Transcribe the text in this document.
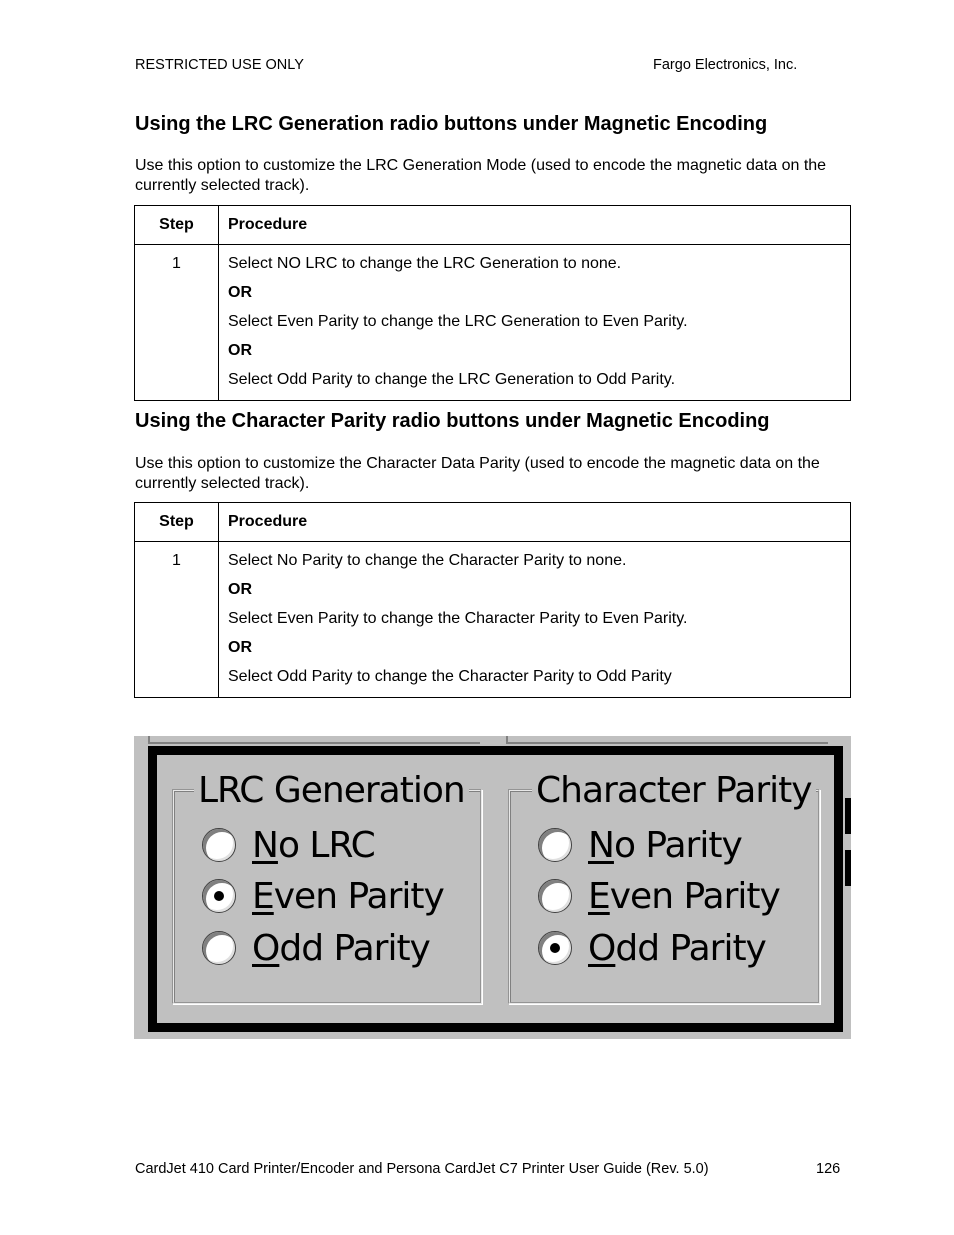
RESTRICTED USE ONLY	Fargo Electronics, Inc.
Using the LRC Generation radio buttons under Magnetic Encoding

Use this option to customize the LRC Generation Mode (used to encode the magnetic data on the currently selected track).

Step	Procedure

1	Select NO LRC to change the LRC Generation to none.
OR
Select Even Parity to change the LRC Generation to Even Parity.
OR
Select Odd Parity to change the LRC Generation to Odd Parity.
Using the Character Parity radio buttons under Magnetic Encoding

Use this option to customize the Character Data Parity (used to encode the magnetic data on the currently selected track).

Step	Procedure

1	Select No Parity to change the Character Parity to none.
OR
Select Even Parity to change the Character Parity to Even Parity.
OR
Select Odd Parity to change the Character Parity to Odd Parity
LRC Generation
No LRC
Even Parity
Odd Parity
Character Parity
No Parity
Even Parity
Odd Parity
CardJet 410 Card Printer/Encoder and Persona CardJet C7 Printer User Guide (Rev. 5.0)	126
